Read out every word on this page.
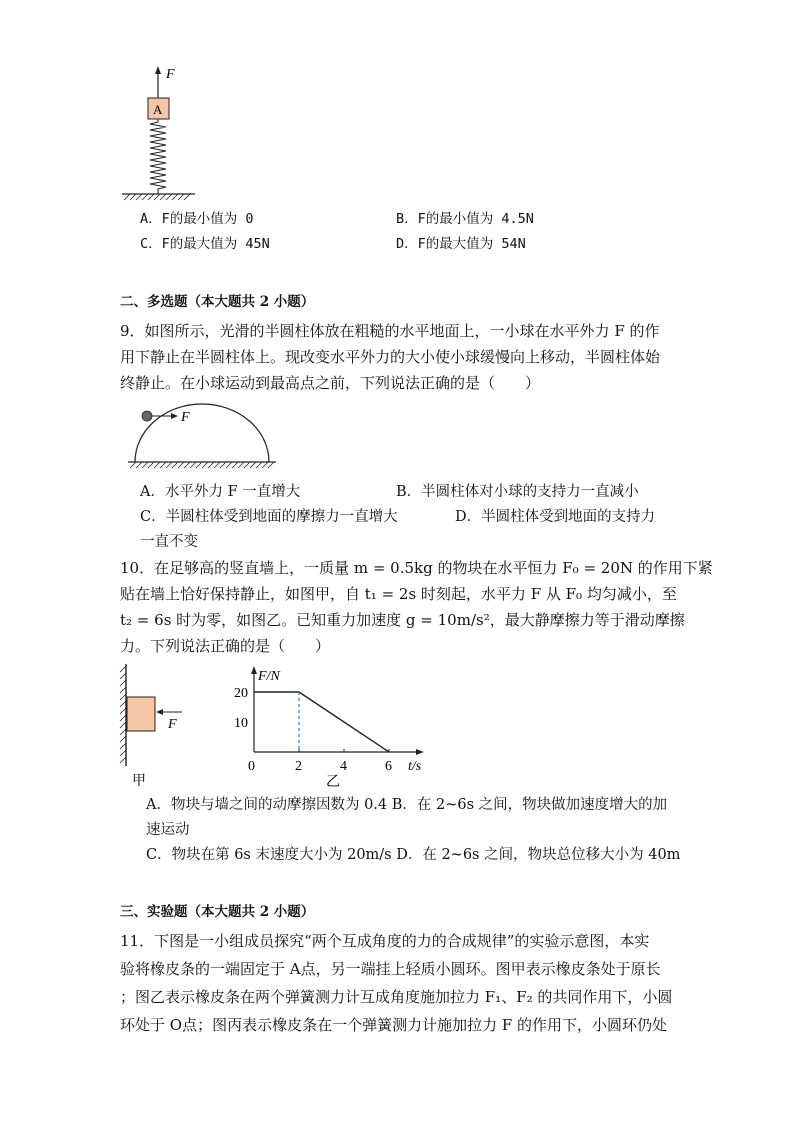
F
A
A．F的最小值为 0	B．F的最小值为 4.5N
C．F的最大值为 45N	D．F的最大值为 54N
二、多选题（本大题共 2 小题）
9．如图所示，光滑的半圆柱体放在粗糙的水平地面上，一小球在水平外力 F 的作
用下静止在半圆柱体上。现改变水平外力的大小使小球缓慢向上移动，半圆柱体始
终静止。在小球运动到最高点之前，下列说法正确的是（　　）
F
A．水平外力 F 一直增大	B．半圆柱体对小球的支持力一直减小
C．半圆柱体受到地面的摩擦力一直增大	D．半圆柱体受到地面的支持力
一直不变
10．在足够高的竖直墙上，一质量 m = 0.5kg 的物块在水平恒力 F₀ = 20N 的作用下紧
贴在墙上恰好保持静止，如图甲，自 t₁ = 2s 时刻起，水平力 F 从 F₀ 均匀减小，至
t₂ = 6s 时为零，如图乙。已知重力加速度 g = 10m/s²，最大静摩擦力等于滑动摩擦
力。下列说法正确的是（　　）
F
甲
F/N
t/s
乙
0	2	4	6
10
20
A．物块与墙之间的动摩擦因数为 0.4 B．在 2~6s 之间，物块做加速度增大的加
速运动
C．物块在第 6s 末速度大小为 20m/s D．在 2~6s 之间，物块总位移大小为 40m
三、实验题（本大题共 2 小题）
11．下图是一小组成员探究“两个互成角度的力的合成规律”的实验示意图，本实
验将橡皮条的一端固定于 A点，另一端挂上轻质小圆环。图甲表示橡皮条处于原长
；图乙表示橡皮条在两个弹簧测力计互成角度施加拉力 F₁、F₂ 的共同作用下，小圆
环处于 O点；图丙表示橡皮条在一个弹簧测力计施加拉力 F 的作用下，小圆环仍处
